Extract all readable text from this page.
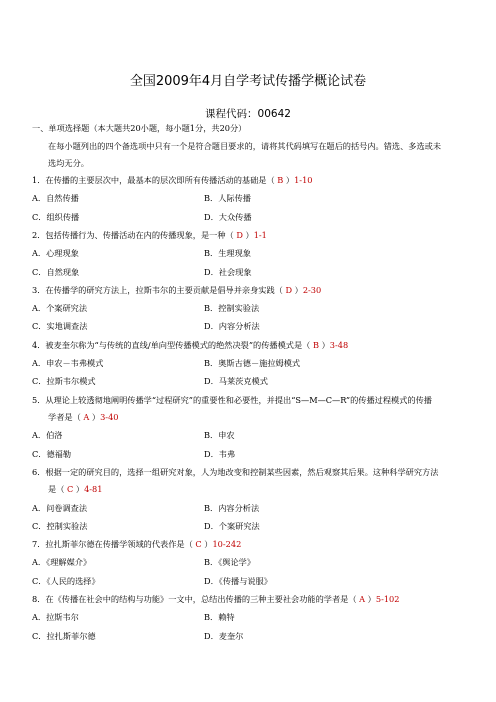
全国2009年4月自学考试传播学概论试卷
课程代码：00642
一、单项选择题（本大题共20小题，每小题1分，共20分）
在每小题列出的四个备选项中只有一个是符合题目要求的，请将其代码填写在题后的括号内。错选、多选或未
选均无分。
1．在传播的主要层次中，最基本的层次即所有传播活动的基础是（ B ）1-10
A．自然传播	B．人际传播
C．组织传播	D．大众传播
2．包括传播行为、传播活动在内的传播现象，是一种（ D ）1-1
A．心理现象	B．生理现象
C．自然现象	D．社会现象
3．在传播学的研究方法上，拉斯韦尔的主要贡献是倡导并亲身实践（ D ）2-30
A．个案研究法	B．控制实验法
C．实地调查法	D．内容分析法
4．被麦奎尔称为“与传统的直线/单向型传播模式的绝然决裂”的传播模式是（ B ）3-48
A．申农－韦弗模式	B．奥斯古德－施拉姆模式
C．拉斯韦尔模式	D．马莱茨克模式
5．从理论上较透彻地阐明传播学“过程研究”的重要性和必要性，并提出“S—M—C—R”的传播过程模式的传播
学者是（ A ）3-40
A．伯洛	B．申农
C．德福勒	D．韦弗
6．根据一定的研究目的，选择一组研究对象，人为地改变和控制某些因素，然后观察其后果。这种科学研究方法
是（ C ）4-81
A．问卷调查法	B．内容分析法
C．控制实验法	D．个案研究法
7．拉扎斯菲尔德在传播学领域的代表作是（ C ）10-242
A．《理解媒介》	B．《舆论学》
C．《人民的选择》	D．《传播与说服》
8．在《传播在社会中的结构与功能》一文中，总结出传播的三种主要社会功能的学者是（ A ）5-102
A．拉斯韦尔	B．赖特
C．拉扎斯菲尔德	D．麦奎尔
